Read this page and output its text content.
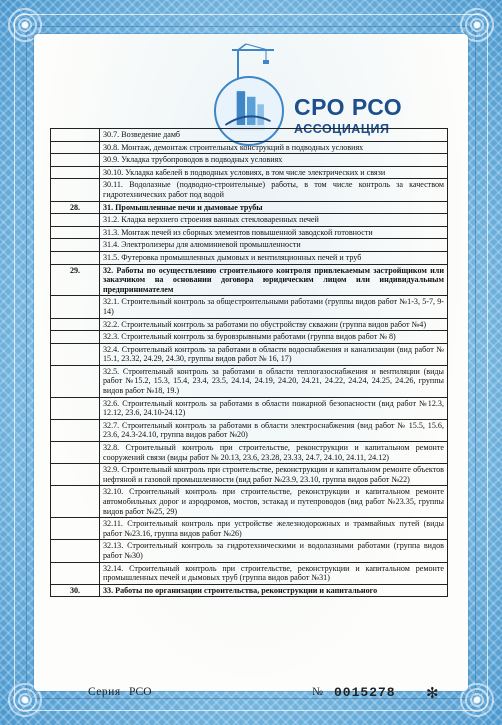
СРО РСО
АССОЦИАЦИЯ
Серия РСО	№ 0015278 ✻
30.7. Возведение дамб
30.8. Монтаж, демонтаж строительных конструкций в подводных условиях
30.9. Укладка трубопроводов в подводных условиях
30.10. Укладка кабелей в подводных условиях, в том числе электрических и связи
30.11. Водолазные (подводно-строительные) работы, в том числе контроль за качеством гидротехнических работ под водой
28.	31. Промышленные печи и дымовые трубы
31.2. Кладка верхнего строения ванных стекловаренных печей
31.3. Монтаж печей из сборных элементов повышенной заводской готовности
31.4. Электролизеры для алюминиевой промышленности
31.5. Футеровка промышленных дымовых и вентиляционных печей и труб
29.	32. Работы по осуществлению строительного контроля привлекаемым застройщиком или заказчиком на основании договора юридическим лицом или индивидуальным предпринимателем
32.1. Строительный контроль за общестроительными работами (группы видов работ №1-3, 5-7, 9-14)
32.2. Строительный контроль за работами по обустройству скважин (группа видов работ №4)
32.3. Строительный контроль за буровзрывными работами (группа видов работ № 8)
32.4. Строительный контроль за работами в области водоснабжения и канализации (вид работ № 15.1, 23.32, 24.29, 24.30, группы видов работ № 16, 17)
32.5. Строительный контроль за работами в области теплогазоснабжения и вентиляции (виды работ №15.2, 15.3, 15.4, 23.4, 23.5, 24.14, 24.19, 24.20, 24.21, 24.22, 24.24, 24.25, 24.26, группы видов работ №18, 19.)
32.6. Строительный контроль за работами в области пожарной безопасности (вид работ №12.3, 12.12, 23.6, 24.10-24.12)
32.7. Строительный контроль за работами в области электроснабжения (вид работ № 15.5, 15.6, 23.6, 24.3-24.10, группа видов работ №20)
32.8. Строительный контроль при строительстве, реконструкции и капитальном ремонте сооружений связи (виды работ № 20.13, 23.6, 23.28, 23.33, 24.7, 24.10, 24.11, 24.12)
32.9. Строительный контроль при строительстве, реконструкции и капитальном ремонте объектов нефтяной и газовой промышленности (вид работ №23.9, 23.10, группа видов работ №22)
32.10. Строительный контроль при строительстве, реконструкции и капитальном ремонте автомобильных дорог и аэродромов, мостов, эстакад и путепроводов (вид работ №23.35, группы видов работ №25, 29)
32.11. Строительный контроль при устройстве железнодорожных и трамвайных путей (виды работ №23.16, группа видов работ №26)
32.13. Строительный контроль за гидротехническими и водолазными работами (группа видов работ №30)
32.14. Строительный контроль при строительстве, реконструкции и капитальном ремонте промышленных печей и дымовых труб (группа видов работ №31)
30.	33. Работы по организации строительства, реконструкции и капитального
